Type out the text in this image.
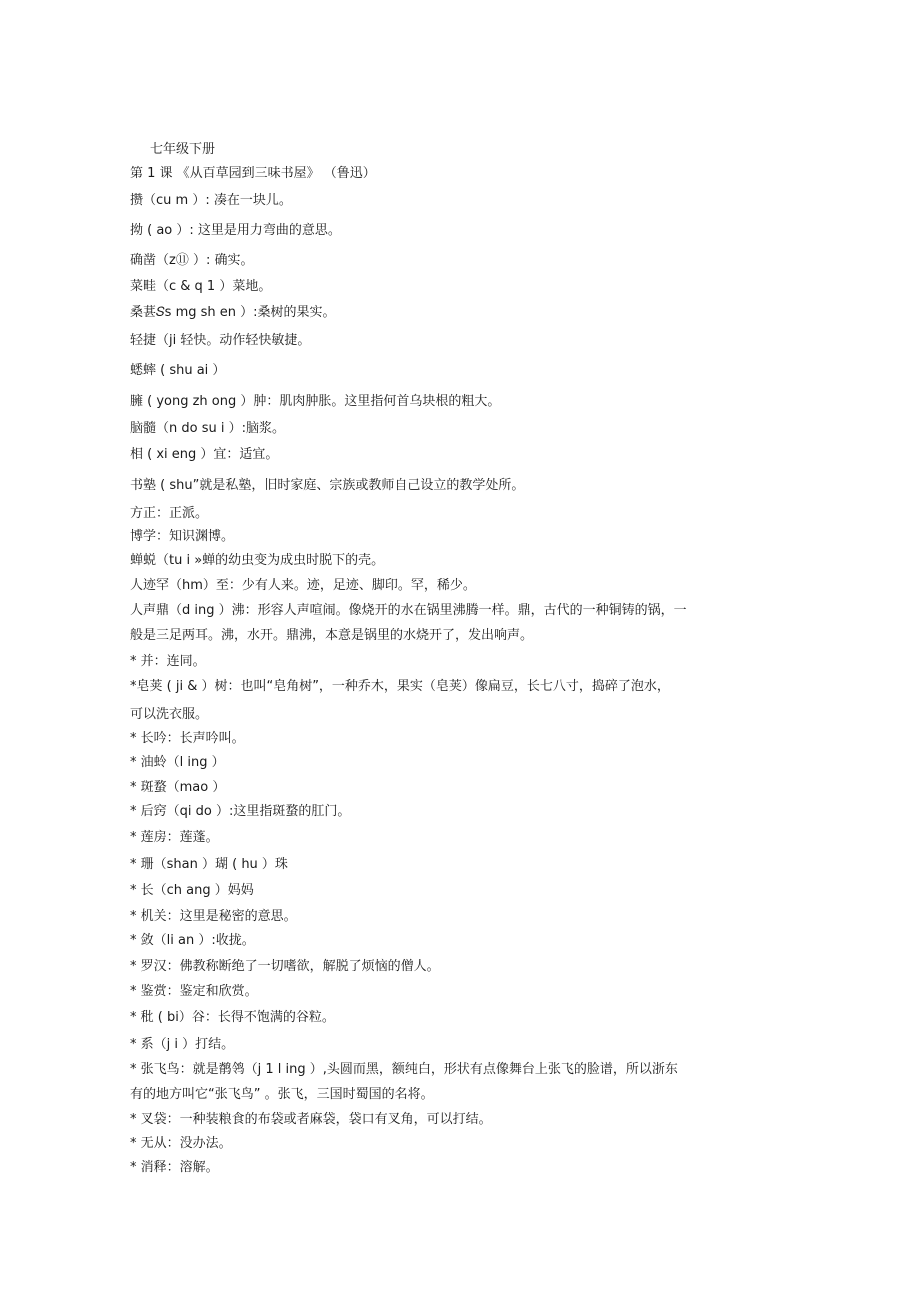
七年级下册
第 1 课 《从百草园到三味书屋》 （鲁迅）
攒（cu m ）: 凑在一块儿。
拗 ( ao ）: 这里是用力弯曲的意思。
确凿（z⑪ ）: 确实。
菜畦（c & q 1 ）菜地。
桑葚𝑆s mg sh en ）:桑树的果实。
轻捷（ji 轻快。动作轻快敏捷。
蟋蟀 ( shu ai ）
臃 ( yong zh ong ）肿：肌肉肿胀。这里指何首乌块根的粗大。
脑髓（n do su i ）:脑浆。
相 ( xi eng ）宜：适宜。
书塾 ( shu”就是私塾，旧时家庭、宗族或教师自己设立的教学处所。
方正：正派。
博学：知识渊博。
蝉蜕（tu i »蝉的幼虫变为成虫时脱下的壳。
人迹罕（hm）至：少有人来。迹，足迹、脚印。罕，稀少。
人声鼎（d ing ）沸：形容人声喧闹。像烧开的水在锅里沸腾一样。鼎，古代的一种铜铸的锅，一
般是三足两耳。沸，水开。鼎沸，本意是锅里的水烧开了，发出响声。
* 并：连同。
*皂荚 ( ji & ）树：也叫“皂角树”，一种乔木，果实（皂荚）像扁豆，长七八寸，捣碎了泡水，
可以洗衣服。
* 长吟：长声吟叫。
* 油蛉（l ing ）
* 斑蝥（mao ）
* 后窍（qi do ）:这里指斑蝥的肛门。
* 莲房：莲蓬。
* 珊（shan ）瑚 ( hu ）珠
* 长（ch ang ）妈妈
* 机关：这里是秘密的意思。
* 敛（li an ）:收拢。
* 罗汉：佛教称断绝了一切嗜欲，解脱了烦恼的僧人。
* 鉴赏：鉴定和欣赏。
* 秕 ( bi）谷：长得不饱满的谷粒。
* 系（j i ）打结。
* 张飞鸟：就是鹡鸰（j 1 l ing ）,头圆而黑，额纯白，形状有点像舞台上张飞的脸谱，所以浙东
有的地方叫它“张飞鸟” 。张飞，三国时蜀国的名将。
* 叉袋：一种装粮食的布袋或者麻袋，袋口有叉角，可以打结。
* 无从：没办法。
* 消释：溶解。
